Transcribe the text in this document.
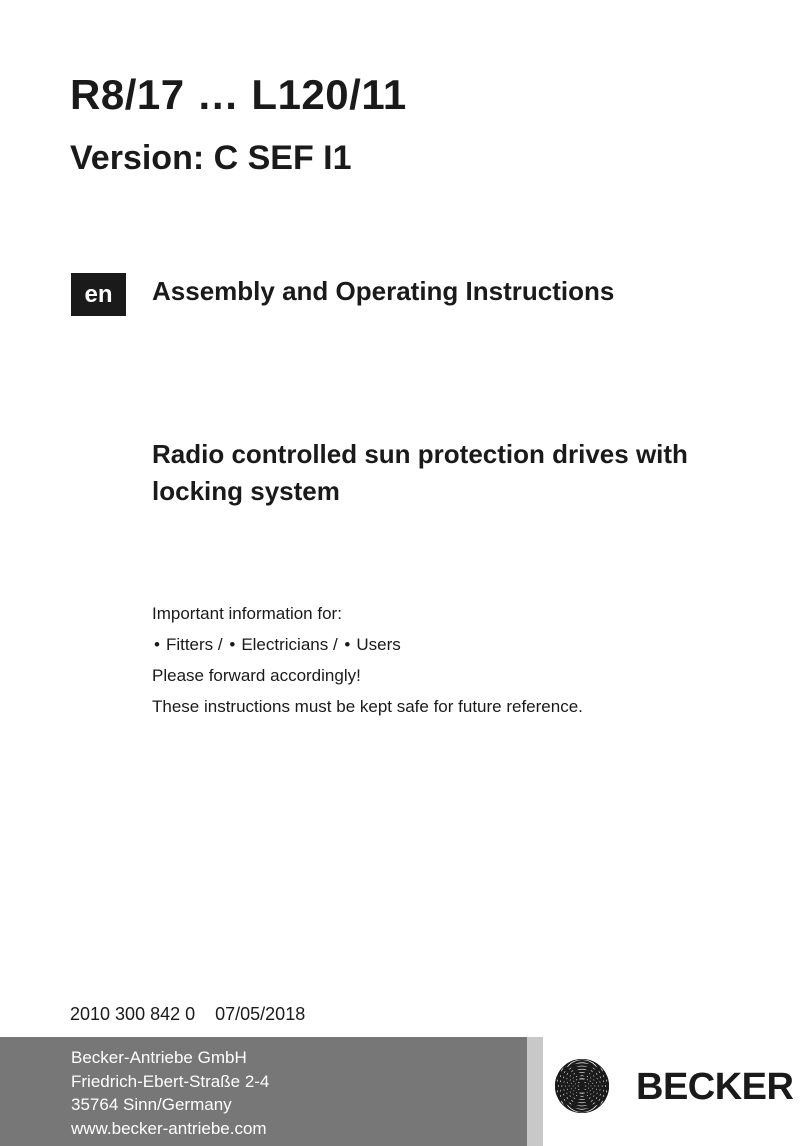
R8/17 … L120/11
Version: C SEF I1
en	Assembly and Operating Instructions
Radio controlled sun protection drives with locking system
Important information for:
• Fitters / • Electricians / • Users
Please forward accordingly!
These instructions must be kept safe for future reference.
2010 300 842 0 07/05/2018
Becker-Antriebe GmbH
Friedrich-Ebert-Straße 2-4
35764 Sinn/Germany
www.becker-antriebe.com
BECKER
